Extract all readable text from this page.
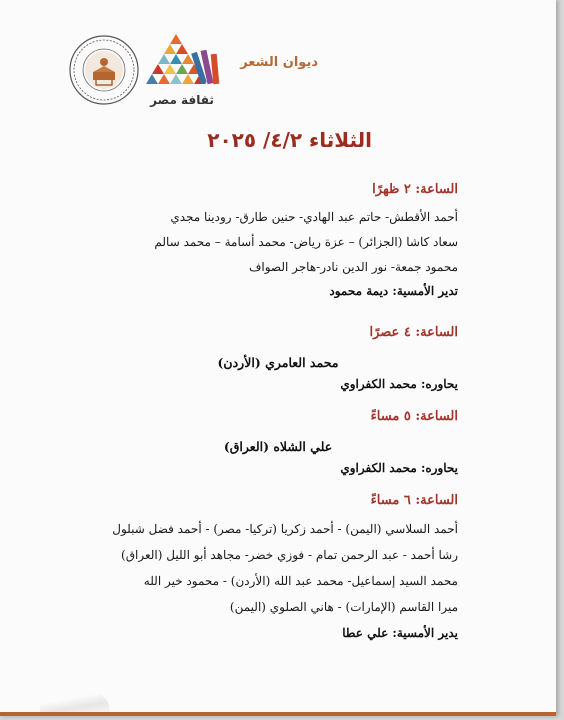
ثقافة مصر
ديوان الشعر
الثلاثاء ٤/٢/ ٢٠٢٥
الساعة: ٢ ظهرًا
أحمد الأقطش- حاتم عبد الهادي- حنين طارق- رودينا مجدي
سعاد كاشا (الجزائر) – عزة رياض- محمد أسامة – محمد سالم
محمود جمعة- نور الدين نادر-هاجر الصواف
تدير الأمسية: ديمة محمود
الساعة: ٤ عصرًا
محمد العامري (الأردن)
يحاوره: محمد الكفراوي
الساعة: ٥ مساءً
علي الشلاه (العراق)
يحاوره: محمد الكفراوي
الساعة: ٦ مساءً
أحمد السلاسي (اليمن) - أحمد زكريا (تركيا- مصر) - أحمد فضل شبلول
رشا أحمد - عبد الرحمن تمام - فوزي خضر- مجاهد أبو الليل (العراق)
محمد السيد إسماعيل- محمد عبد الله (الأردن) - محمود خير الله
ميرا القاسم (الإمارات) - هاني الصلوي (اليمن)
يدير الأمسية: علي عطا
